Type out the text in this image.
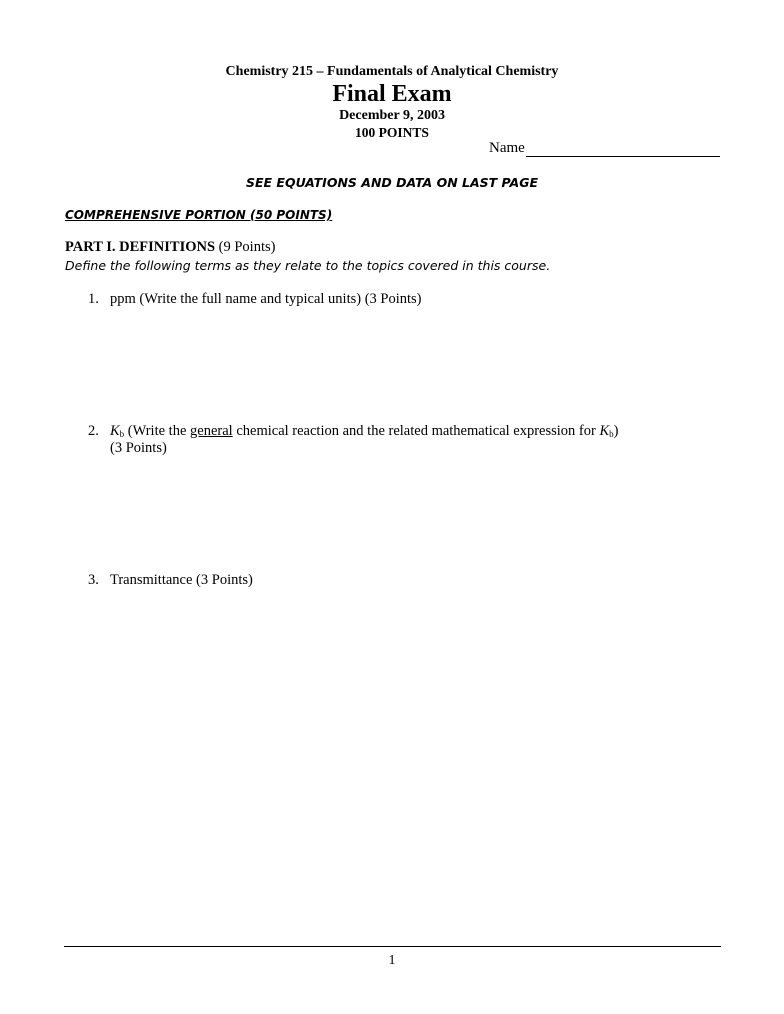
Chemistry 215 – Fundamentals of Analytical Chemistry
Final Exam
December 9, 2003
100 POINTS
Name
SEE EQUATIONS AND DATA ON LAST PAGE
COMPREHENSIVE PORTION (50 POINTS)
PART I. DEFINITIONS (9 Points)
Define the following terms as they relate to the topics covered in this course.
1. ppm (Write the full name and typical units) (3 Points)
2. $K_b$ (Write the general chemical reaction and the related mathematical expression for $K_b$)
(3 Points)
3. Transmittance (3 Points)
1
